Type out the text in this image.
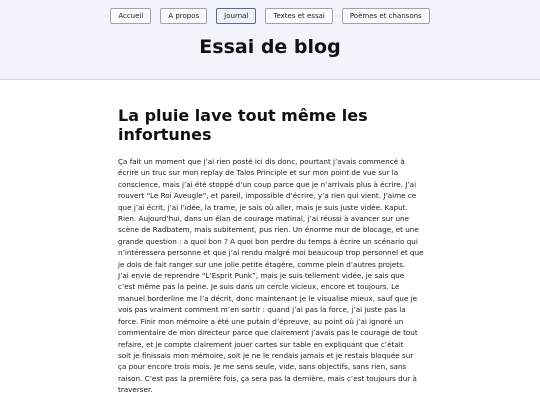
Accueil	A propos	Journal	Textes et essai	Poèmes et chansons
Essai de blog
La pluie lave tout même les infortunes
Ça fait un moment que j’ai rien posté ici dis donc, pourtant j’avais commencé à
écrire un truc sur mon replay de Talos Principle et sur mon point de vue sur la
conscience, mais j’ai été stoppé d’un coup parce que je n’arrivais plus à écrire. J’ai
rouvert “Le Roi Aveugle”, et pareil, impossible d’écrire, y’a rien qui vient. J’aime ce
que j’ai écrit, j’ai l’idée, la trame, je sais où aller, mais je suis juste vidée. Kaput.
Rien. Aujourd’hui, dans un élan de courage matinal, j’ai réussi à avancer sur une
scène de Radbatem, mais subitement, pus rien. Un énorme mur de blocage, et une
grande question : a quoi bon ? A quoi bon perdre du temps à écrire un scénario qui
n’intéressera personne et que j’ai rendu malgré moi beaucoup trop personnel et que
je dois de fait ranger sur une jolie petite étagère, comme plein d’autres projets.
J’ai envie de reprendre “L’Esprit Punk”, mais je suis tellement vidée, je sais que
c’est même pas la peine. Je suis dans un cercle vicieux, encore et toujours. Le
manuel borderline me l’a décrit, donc maintenant je le visualise mieux, sauf que je
vois pas vraiment comment m’en sortir : quand j’ai pas la force, j’ai juste pas la
force. Finir mon mémoire a été une putain d’épreuve, au point où j’ai ignoré un
commentaire de mon directeur parce que clairement j’avais pas le courage de tout
refaire, et je compte clairement jouer cartes sur table en expliquant que c’était
soit je finissais mon mémoire, soit je ne le rendais jamais et je restais bloquée sur
ça pour encore trois mois. Je me sens seule, vide, sans objectifs, sans rien, sans
raison. C’est pas la première fois, ça sera pas la dernière, mais c’est toujours dur à
traverser.
